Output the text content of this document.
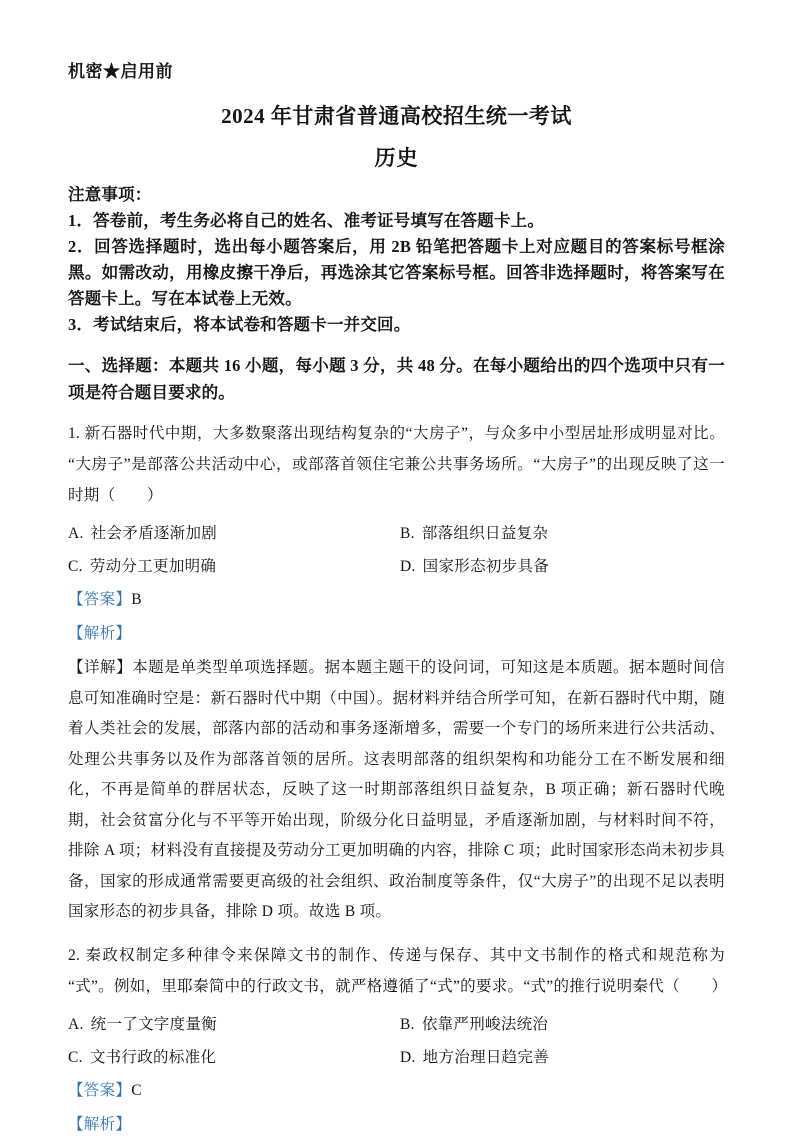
机密★启用前

2024 年甘肃省普通高校招生统一考试
历史

注意事项：

1．答卷前，考生务必将自己的姓名、准考证号填写在答题卡上。

2．回答选择题时，选出每小题答案后，用 2B 铅笔把答题卡上对应题目的答案标号框涂黑。如需改动，用橡皮擦干净后，再选涂其它答案标号框。回答非选择题时，将答案写在答题卡上。写在本试卷上无效。

3．考试结束后，将本试卷和答题卡一并交回。

一、选择题：本题共 16 小题，每小题 3 分，共 48 分。在每小题给出的四个选项中只有一项是符合题目要求的。

1. 新石器时代中期，大多数聚落出现结构复杂的“大房子”，与众多中小型居址形成明显对比。“大房子”是部落公共活动中心，或部落首领住宅兼公共事务场所。“大房子”的出现反映了这一时期（　　）

A. 社会矛盾逐渐加剧	B. 部落组织日益复杂
C. 劳动分工更加明确	D. 国家形态初步具备

【答案】B

【解析】

【详解】本题是单类型单项选择题。据本题主题干的设问词，可知这是本质题。据本题时间信息可知准确时空是：新石器时代中期（中国）。据材料并结合所学可知，在新石器时代中期，随着人类社会的发展，部落内部的活动和事务逐渐增多，需要一个专门的场所来进行公共活动、处理公共事务以及作为部落首领的居所。这表明部落的组织架构和功能分工在不断发展和细化，不再是简单的群居状态，反映了这一时期部落组织日益复杂，B 项正确；新石器时代晚期，社会贫富分化与不平等开始出现，阶级分化日益明显，矛盾逐渐加剧，与材料时间不符，排除 A 项；材料没有直接提及劳动分工更加明确的内容，排除 C 项；此时国家形态尚未初步具备，国家的形成通常需要更高级的社会组织、政治制度等条件，仅“大房子”的出现不足以表明国家形态的初步具备，排除 D 项。故选 B 项。

2. 秦政权制定多种律令来保障文书的制作、传递与保存、其中文书制作的格式和规范称为“式”。例如，里耶秦简中的行政文书，就严格遵循了“式”的要求。“式”的推行说明秦代（　　）

A. 统一了文字度量衡	B. 依靠严刑峻法统治
C. 文书行政的标准化	D. 地方治理日趋完善

【答案】C

【解析】
